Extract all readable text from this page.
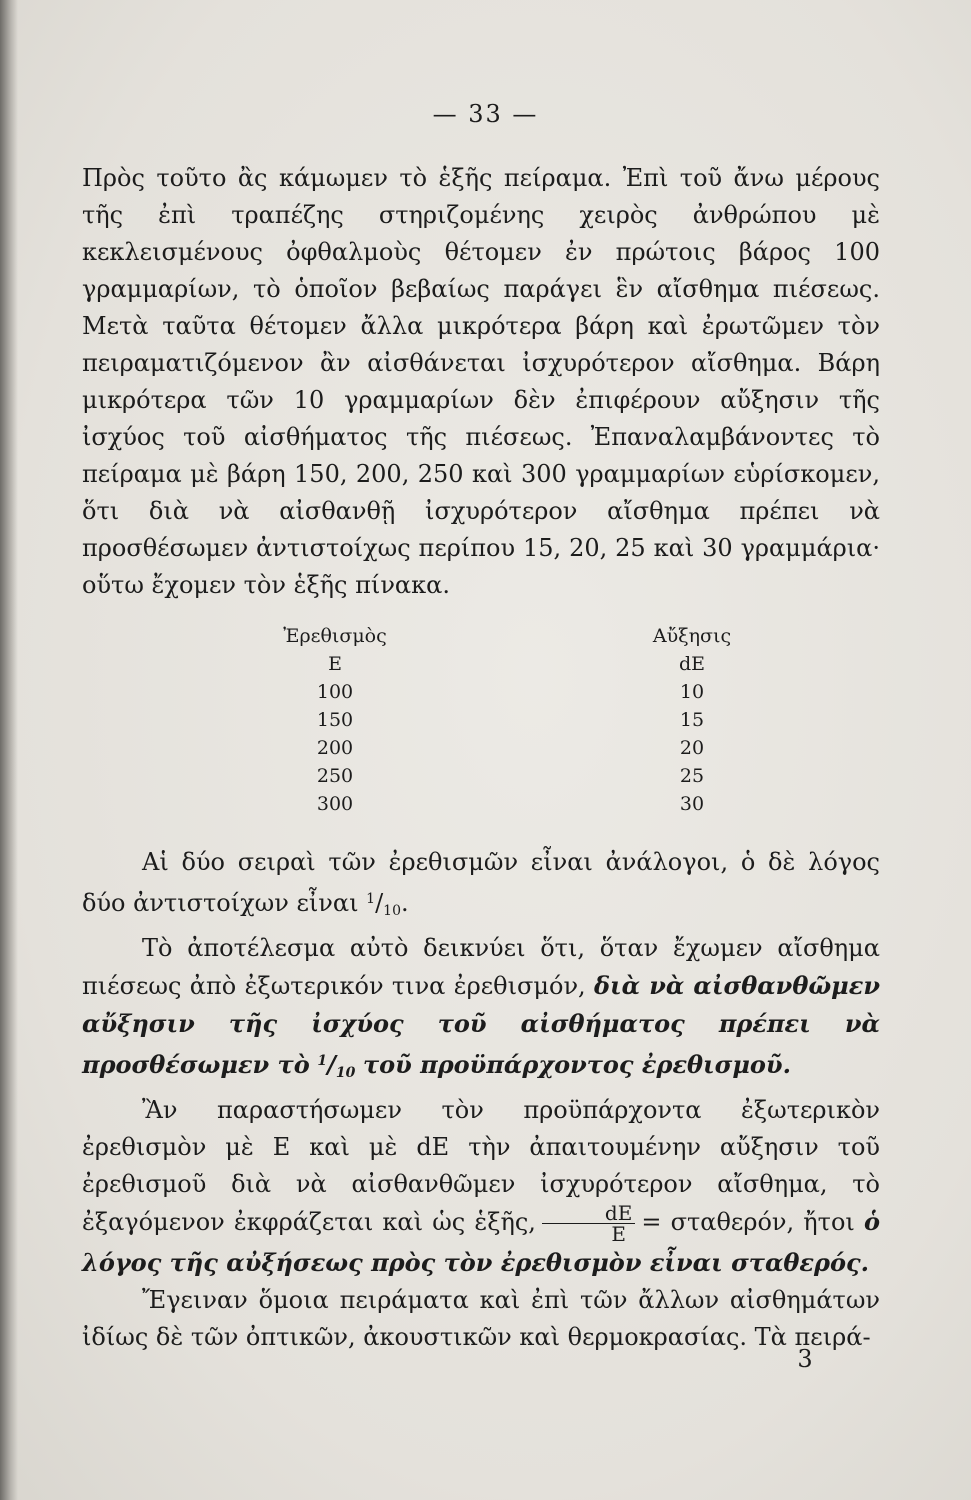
— 33 —

Πρὸς τοῦτο ἂς κάμωμεν τὸ ἑξῆς πείραμα. Ἐπὶ τοῦ ἄνω μέρους τῆς ἐπὶ τραπέζης στηριζομένης χειρὸς ἀνθρώπου μὲ κεκλεισμένους ὀφθαλμοὺς θέτομεν ἐν πρώτοις βάρος 100 γραμμαρίων, τὸ ὁποῖον βεβαίως παράγει ἓν αἴσθημα πιέσεως. Μετὰ ταῦτα θέτομεν ἄλλα μικρότερα βάρη καὶ ἐρωτῶμεν τὸν πειραματιζόμενον ἂν αἰσθάνεται ἰσχυρότερον αἴσθημα. Βάρη μικρότερα τῶν 10 γραμμαρίων δὲν ἐπιφέρουν αὔξησιν τῆς ἰσχύος τοῦ αἰσθήματος τῆς πιέσεως. Ἐπαναλαμβάνοντες τὸ πείραμα μὲ βάρη 150, 200, 250 καὶ 300 γραμμαρίων εὑρίσκομεν, ὅτι διὰ νὰ αἰσθανθῇ ἰσχυρότερον αἴσθημα πρέπει νὰ προσθέσωμεν ἀντιστοίχως περίπου 15, 20, 25 καὶ 30 γραμμάρια· οὕτω ἔχομεν τὸν ἑξῆς πίνακα.

Ἐρεθισμὸς
E
100
150
200
250
300
Αὔξησις
dE
10
15
20
25
30

Αἱ δύο σειραὶ τῶν ἐρεθισμῶν εἶναι ἀνάλογοι, ὁ δὲ λόγος δύο ἀντιστοίχων εἶναι $^1/_{10}$.

Τὸ ἀποτέλεσμα αὐτὸ δεικνύει ὅτι, ὅταν ἔχωμεν αἴσθημα πιέσεως ἀπὸ ἐξωτερικόν τινα ἐρεθισμόν, διὰ νὰ αἰσθανθῶμεν αὔξησιν τῆς ἰσχύος τοῦ αἰσθήματος πρέπει νὰ προσθέσωμεν τὸ $^1/_{10}$ τοῦ προϋπάρχοντος ἐρεθισμοῦ.

Ἂν παραστήσωμεν τὸν προϋπάρχοντα ἐξωτερικὸν ἐρεθισμὸν μὲ E καὶ μὲ dE τὴν ἀπαιτουμένην αὔξησιν τοῦ ἐρεθισμοῦ διὰ νὰ αἰσθανθῶμεν ἰσχυρότερον αἴσθημα, τὸ ἐξαγόμενον ἐκφράζεται καὶ ὡς ἑξῆς, $\frac{dE}{E} = \sigma\tau\alpha\theta\varepsilon\rho ό\nu$, ἤτοι ὁ λόγος τῆς αὐξήσεως πρὸς τὸν ἐρεθισμὸν εἶναι σταθερός.

Ἔγειναν ὅμοια πειράματα καὶ ἐπὶ τῶν ἄλλων αἰσθημάτων ἰδίως δὲ τῶν ὀπτικῶν, ἀκουστικῶν καὶ θερμοκρασίας. Τὰ πειρά-

3
